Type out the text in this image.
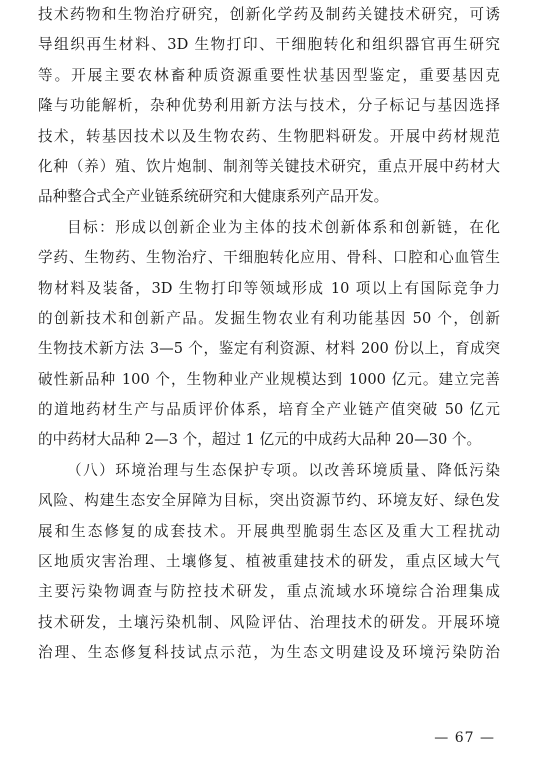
技术药物和生物治疗研究，创新化学药及制药关键技术研究，可诱
导组织再生材料、3D 生物打印、干细胞转化和组织器官再生研究
等。开展主要农林畜种质资源重要性状基因型鉴定，重要基因克
隆与功能解析，杂种优势利用新方法与技术，分子标记与基因选择
技术，转基因技术以及生物农药、生物肥料研发。开展中药材规范
化种（养）殖、饮片炮制、制剂等关键技术研究，重点开展中药材大
品种整合式全产业链系统研究和大健康系列产品开发。
目标：形成以创新企业为主体的技术创新体系和创新链，在化
学药、生物药、生物治疗、干细胞转化应用、骨科、口腔和心血管生
物材料及装备，3D 生物打印等领域形成 10 项以上有国际竞争力
的创新技术和创新产品。发掘生物农业有利功能基因 50 个，创新
生物技术新方法 3—5 个，鉴定有利资源、材料 200 份以上，育成突
破性新品种 100 个，生物种业产业规模达到 1000 亿元。建立完善
的道地药材生产与品质评价体系，培育全产业链产值突破 50 亿元
的中药材大品种 2—3 个，超过 1 亿元的中成药大品种 20—30 个。
（八）环境治理与生态保护专项。以改善环境质量、降低污染
风险、构建生态安全屏障为目标，突出资源节约、环境友好、绿色发
展和生态修复的成套技术。开展典型脆弱生态区及重大工程扰动
区地质灾害治理、土壤修复、植被重建技术的研发，重点区域大气
主要污染物调查与防控技术研发，重点流域水环境综合治理集成
技术研发，土壤污染机制、风险评估、治理技术的研发。开展环境
治理、生态修复科技试点示范，为生态文明建设及环境污染防治
— 67 —
